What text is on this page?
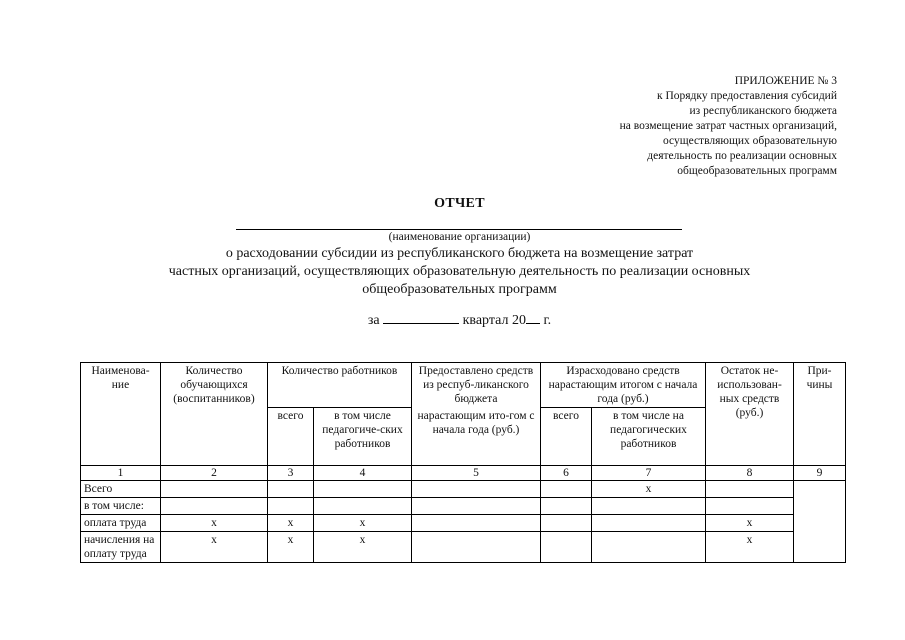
ПРИЛОЖЕНИЕ № 3
к Порядку предоставления субсидий
из республиканского бюджета
на возмещение затрат частных организаций,
осуществляющих образовательную
деятельность по реализации основных
общеобразовательных программ
ОТЧЕТ
(наименование организации)
о расходовании субсидии из республиканского бюджета на возмещение затрат
частных организаций, осуществляющих образовательную деятельность по реализации основных
общеобразовательных программ
за	квартал 20 г.
Наименова-ние	Количество обучающихся (воспитанников)	Количество работников		Предоставлено средств из респуб-ликанского бюджета	Израсходовано средств нарастающим итогом с начала года (руб.)		Остаток не-использован-ных средств (руб.)	При-чины
		всего	в том числе педагогиче-ских работников	нарастающим ито-гом с начала года (руб.)	всего	в том числе на педагогических работников		
1	2	3	4	5	6	7	8	9
Всего						x		
в том числе:								
оплата труда	x	x	x				x	
начисления на оплату труда	x	x	x				x	
